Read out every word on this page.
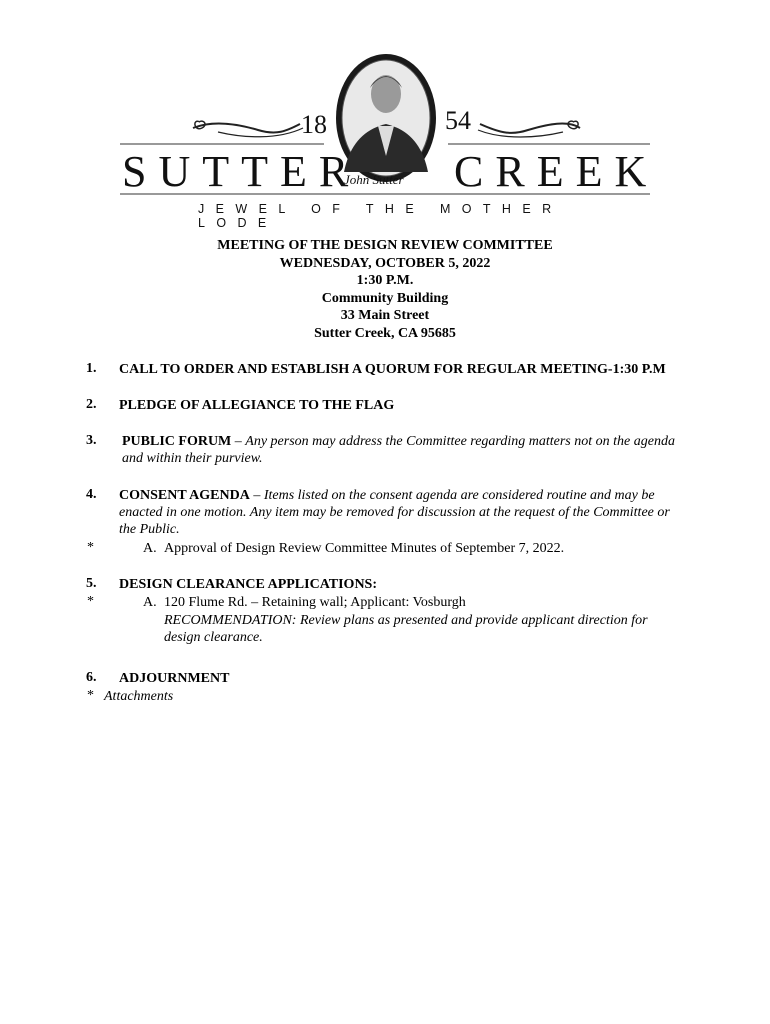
18	54
SUTTER CREEK
John Sutter
JEWEL OF THE MOTHER LODE
MEETING OF THE DESIGN REVIEW COMMITTEE
WEDNESDAY, OCTOBER 5, 2022
1:30 P.M.
Community Building
33 Main Street
Sutter Creek, CA 95685
1. CALL TO ORDER AND ESTABLISH A QUORUM FOR REGULAR MEETING-1:30 P.M
2. PLEDGE OF ALLEGIANCE TO THE FLAG
3. PUBLIC FORUM – Any person may address the Committee regarding matters not on the agenda
and within their purview.
4. CONSENT AGENDA – Items listed on the consent agenda are considered routine and may be
enacted in one motion. Any item may be removed for discussion at the request of the Committee or
the Public.
*	A. Approval of Design Review Committee Minutes of September 7, 2022.
5. DESIGN CLEARANCE APPLICATIONS:
*	A. 120 Flume Rd. – Retaining wall; Applicant: Vosburgh
RECOMMENDATION: Review plans as presented and provide applicant direction for
design clearance.
6. ADJOURNMENT
* Attachments
